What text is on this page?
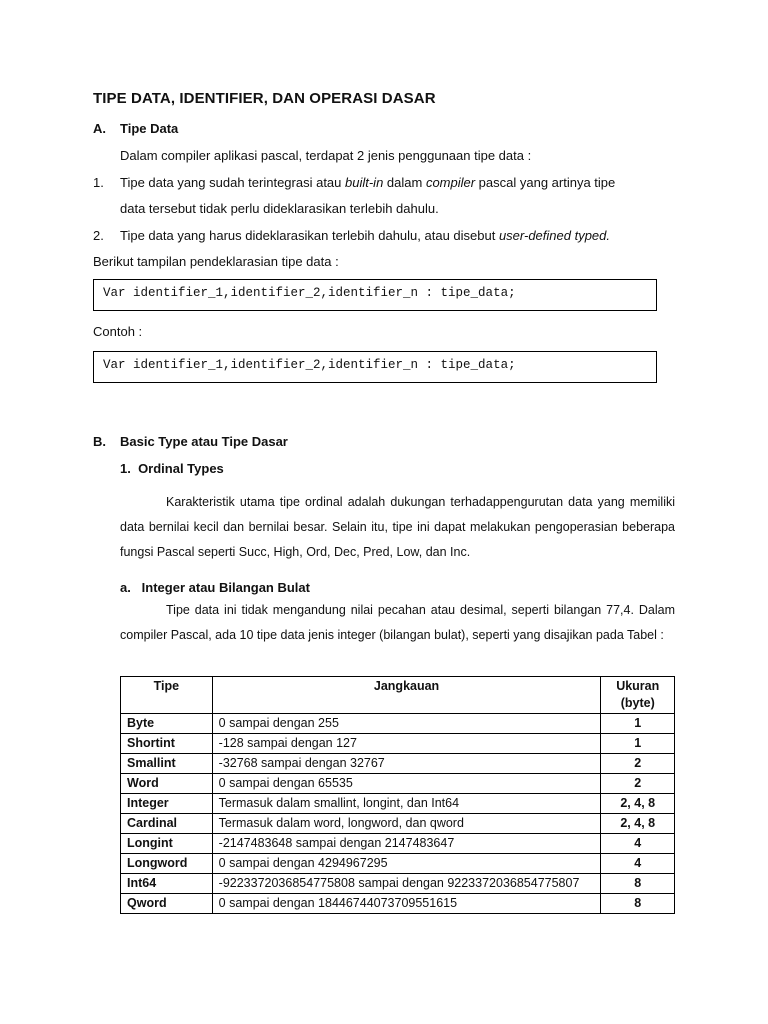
TIPE DATA, IDENTIFIER, DAN OPERASI DASAR
A. Tipe Data
Dalam compiler aplikasi pascal, terdapat 2 jenis penggunaan tipe data :
1. Tipe data yang sudah terintegrasi atau built-in dalam compiler pascal yang artinya tipe
data tersebut tidak perlu dideklarasikan terlebih dahulu.
2. Tipe data yang harus dideklarasikan terlebih dahulu, atau disebut user-defined typed.
Berikut tampilan pendeklarasian tipe data :
Var identifier_1,identifier_2,identifier_n : tipe_data;
Contoh :
Var identifier_1,identifier_2,identifier_n : tipe_data;
B. Basic Type atau Tipe Dasar
1.  Ordinal Types
Karakteristik utama tipe ordinal adalah dukungan terhadappengurutan data yang memiliki data bernilai kecil dan bernilai besar. Selain itu, tipe ini dapat melakukan pengoperasian beberapa fungsi Pascal seperti Succ, High, Ord, Dec, Pred, Low, dan Inc.
a.   Integer atau Bilangan Bulat
Tipe data ini tidak mengandung nilai pecahan atau desimal, seperti bilangan 77,4. Dalam compiler Pascal, ada 10 tipe data jenis integer (bilangan bulat), seperti yang disajikan pada Tabel :
Tipe	Jangkauan	Ukuran (byte)
Byte	0 sampai dengan 255	1
Shortint	-128 sampai dengan 127	1
Smallint	-32768 sampai dengan 32767	2
Word	0 sampai dengan 65535	2
Integer	Termasuk dalam smallint, longint, dan Int64	2, 4, 8
Cardinal	Termasuk dalam word, longword, dan qword	2, 4, 8
Longint	-2147483648 sampai dengan 2147483647	4
Longword	0 sampai dengan 4294967295	4
Int64	-9223372036854775808 sampai dengan 9223372036854775807	8
Qword	0 sampai dengan 18446744073709551615	8
